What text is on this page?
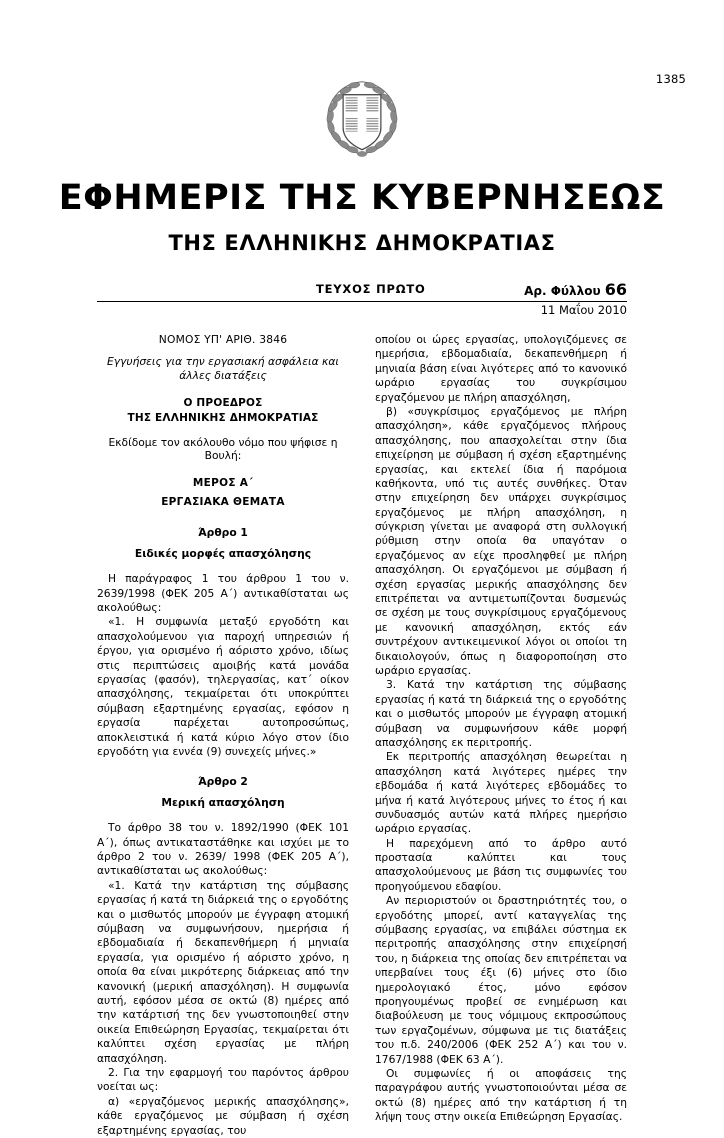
1385
ΕΦΗΜΕΡΙΣ ΤΗΣ ΚΥΒΕΡΝΗΣΕΩΣ
ΤΗΣ ΕΛΛΗΝΙΚΗΣ ΔΗΜΟΚΡΑΤΙΑΣ
ΤΕΥΧΟΣ ΠΡΩΤΟ	Αρ. Φύλλου 66
11 Μαΐου 2010
ΝΟΜΟΣ ΥΠ' ΑΡΙΘ. 3846
Εγγυήσεις για την εργασιακή ασφάλεια και άλλες διατάξεις
Ο ΠΡΟΕΔΡΟΣ
ΤΗΣ ΕΛΛΗΝΙΚΗΣ ΔΗΜΟΚΡΑΤΙΑΣ
Εκδίδομε τον ακόλουθο νόμο που ψήφισε η Βουλή:
ΜΕΡΟΣ Α΄
ΕΡΓΑΣΙΑΚΑ ΘΕΜΑΤΑ
Άρθρο 1
Ειδικές μορφές απασχόλησης

Η παράγραφος 1 του άρθρου 1 του ν. 2639/1998 (ΦΕΚ 205 Α΄) αντικαθίσταται ως ακολούθως:

«1. Η συμφωνία μεταξύ εργοδότη και απασχολούμενου για παροχή υπηρεσιών ή έργου, για ορισμένο ή αόριστο χρόνο, ιδίως στις περιπτώσεις αμοιβής κατά μονάδα εργασίας (φασόν), τηλεργασίας, κατ΄ οίκον απασχόλησης, τεκμαίρεται ότι υποκρύπτει σύμβαση εξαρτημένης εργασίας, εφόσον η εργασία παρέχεται αυτοπροσώπως, αποκλειστικά ή κατά κύριο λόγο στον ίδιο εργοδότη για εννέα (9) συνεχείς μήνες.»

Άρθρο 2
Μερική απασχόληση

Το άρθρο 38 του ν. 1892/1990 (ΦΕΚ 101 Α΄), όπως αντικαταστάθηκε και ισχύει με το άρθρο 2 του ν. 2639/ 1998 (ΦΕΚ 205 Α΄), αντικαθίσταται ως ακολούθως:

«1. Κατά την κατάρτιση της σύμβασης εργασίας ή κατά τη διάρκειά της ο εργοδότης και ο μισθωτός μπορούν με έγγραφη ατομική σύμβαση να συμφωνήσουν, ημερήσια ή εβδομαδιαία ή δεκαπενθήμερη ή μηνιαία εργασία, για ορισμένο ή αόριστο χρόνο, η οποία θα είναι μικρότερης διάρκειας από την κανονική (μερική απασχόληση). Η συμφωνία αυτή, εφόσον μέσα σε οκτώ (8) ημέρες από την κατάρτισή της δεν γνωστοποιηθεί στην οικεία Επιθεώρηση Εργασίας, τεκμαίρεται ότι καλύπτει σχέση εργασίας με πλήρη απασχόληση.

2. Για την εφαρμογή του παρόντος άρθρου νοείται ως:

α) «εργαζόμενος μερικής απασχόλησης», κάθε εργαζόμενος με σύμβαση ή σχέση εξαρτημένης εργασίας, του

οποίου οι ώρες εργασίας, υπολογιζόμενες σε ημερήσια, εβδομαδιαία, δεκαπενθήμερη ή μηνιαία βάση είναι λιγότερες από το κανονικό ωράριο εργασίας του συγκρίσιμου εργαζόμενου με πλήρη απασχόληση,

β) «συγκρίσιμος εργαζόμενος με πλήρη απασχόληση», κάθε εργαζόμενος πλήρους απασχόλησης, που απασχολείται στην ίδια επιχείρηση με σύμβαση ή σχέση εξαρτημένης εργασίας, και εκτελεί ίδια ή παρόμοια καθήκοντα, υπό τις αυτές συνθήκες. Όταν στην επιχείρηση δεν υπάρχει συγκρίσιμος εργαζόμενος με πλήρη απασχόληση, η σύγκριση γίνεται με αναφορά στη συλλογική ρύθμιση στην οποία θα υπαγόταν ο εργαζόμενος αν είχε προσληφθεί με πλήρη απασχόληση. Οι εργαζόμενοι με σύμβαση ή σχέση εργασίας μερικής απασχόλησης δεν επιτρέπεται να αντιμετωπίζονται δυσμενώς σε σχέση με τους συγκρίσιμους εργαζόμενους με κανονική απασχόληση, εκτός εάν συντρέχουν αντικειμενικοί λόγοι οι οποίοι τη δικαιολογούν, όπως η διαφοροποίηση στο ωράριο εργασίας.

3. Κατά την κατάρτιση της σύμβασης εργασίας ή κατά τη διάρκειά της ο εργοδότης και ο μισθωτός μπορούν με έγγραφη ατομική σύμβαση να συμφωνήσουν κάθε μορφή απασχόλησης εκ περιτροπής.

Εκ περιτροπής απασχόληση θεωρείται η απασχόληση κατά λιγότερες ημέρες την εβδομάδα ή κατά λιγότερες εβδομάδες το μήνα ή κατά λιγότερους μήνες το έτος ή και συνδυασμός αυτών κατά πλήρες ημερήσιο ωράριο εργασίας.

Η παρεχόμενη από το άρθρο αυτό προστασία καλύπτει και τους απασχολούμενους με βάση τις συμφωνίες του προηγούμενου εδαφίου.

Αν περιοριστούν οι δραστηριότητές του, ο εργοδότης μπορεί, αντί καταγγελίας της σύμβασης εργασίας, να επιβάλει σύστημα εκ περιτροπής απασχόλησης στην επιχείρησή του, η διάρκεια της οποίας δεν επιτρέπεται να υπερβαίνει τους έξι (6) μήνες στο ίδιο ημερολογιακό έτος, μόνο εφόσον προηγουμένως προβεί σε ενημέρωση και διαβούλευση με τους νόμιμους εκπροσώπους των εργαζομένων, σύμφωνα με τις διατάξεις του π.δ. 240/2006 (ΦΕΚ 252 Α΄) και του ν. 1767/1988 (ΦΕΚ 63 Α΄).

Οι συμφωνίες ή οι αποφάσεις της παραγράφου αυτής γνωστοποιούνται μέσα σε οκτώ (8) ημέρες από την κατάρτιση ή τη λήψη τους στην οικεία Επιθεώρηση Εργασίας.
